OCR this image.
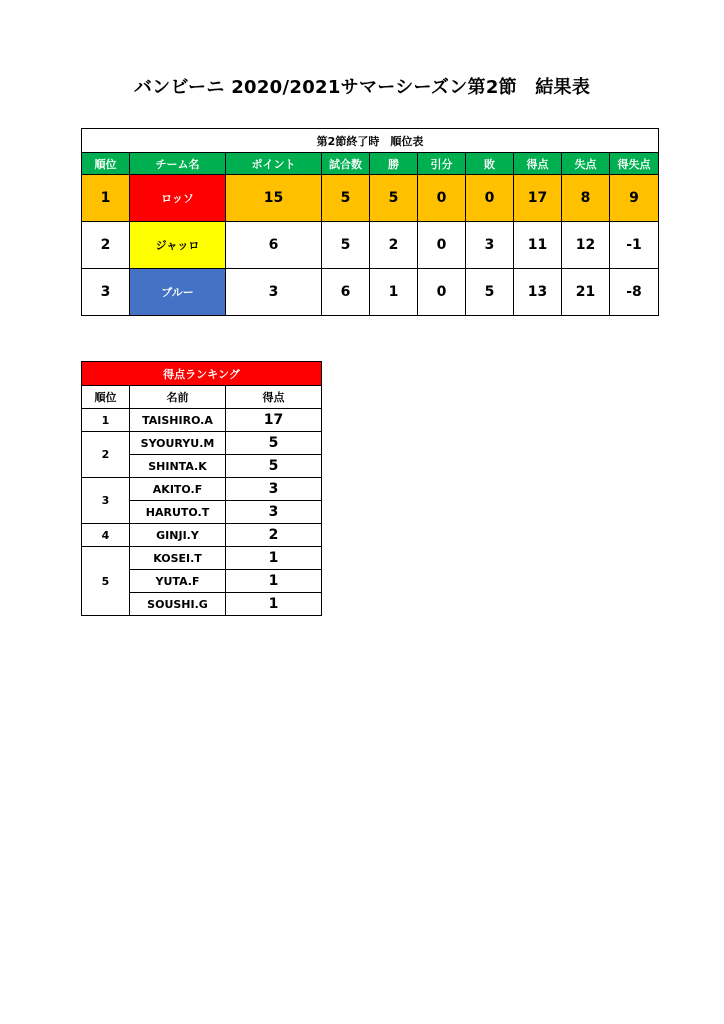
バンビーニ 2020/2021サマーシーズン第2節　結果表
第2節終了時　順位表									
順位	チーム名	ポイント	試合数	勝	引分	敗	得点	失点	得失点
1	ロッソ	15	5	5	0	0	17	8	9
2	ジャッロ	6	5	2	0	3	11	12	-1
3	ブルー	3	6	1	0	5	13	21	-8
得点ランキング		
順位	名前	得点
1	TAISHIRO.A	17
2	SYOURYU.M	5
	SHINTA.K	5
3	AKITO.F	3
	HARUTO.T	3
4	GINJI.Y	2
5	KOSEI.T	1
	YUTA.F	1
	SOUSHI.G	1
